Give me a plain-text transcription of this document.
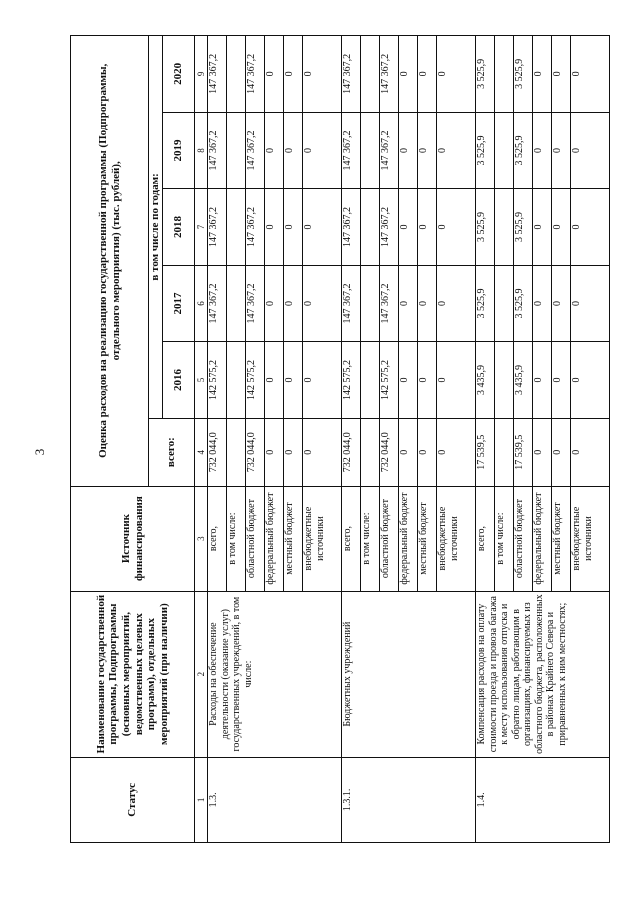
3
Статус	Наименование государственной программы, Подпрограммы (основных мероприятий, ведомственных целевых программ), отдельных мероприятий (при наличии)	Источник финансирования	Оценка расходов на реализацию государственной программы (Подпрограммы, отдельного мероприятия) (тыс. рублей),					
			всего:	в том числе по годам:				
				2016	2017	2018	2019	2020
1	2	3	4	5	6	7	8	9
1.3.	Расходы на обеспечение деятельности (оказание услуг) государственных учреждений, в том числе:	всего,	732 044,0	142 575,2	147 367,2	147 367,2	147 367,2	147 367,2
		в том числе:						
		областной бюджет	732 044,0	142 575,2	147 367,2	147 367,2	147 367,2	147 367,2
		федеральный бюджет	0	0	0	0	0	0
		местный бюджет	0	0	0	0	0	0
		внебюджетные источники	0	0	0	0	0	0
1.3.1.	Бюджетных учреждений	всего,	732 044,0	142 575,2	147 367,2	147 367,2	147 367,2	147 367,2
		в том числе:						
		областной бюджет	732 044,0	142 575,2	147 367,2	147 367,2	147 367,2	147 367,2
		федеральный бюджет	0	0	0	0	0	0
		местный бюджет	0	0	0	0	0	0
		внебюджетные источники	0	0	0	0	0	0
1.4.	Компенсация расходов на оплату стоимости проезда и провоза багажа к месту использования отпуска и обратно лицам, работающим в организациях, финансируемых из областного бюджета, расположенных в районах Крайнего Севера и приравненных к ним местностях;	всего,	17 539,5	3 435,9	3 525,9	3 525,9	3 525,9	3 525,9
		в том числе:						
		областной бюджет	17 539,5	3 435,9	3 525,9	3 525,9	3 525,9	3 525,9
		федеральный бюджет	0	0	0	0	0	0
		местный бюджет	0	0	0	0	0	0
		внебюджетные источники	0	0	0	0	0	0
